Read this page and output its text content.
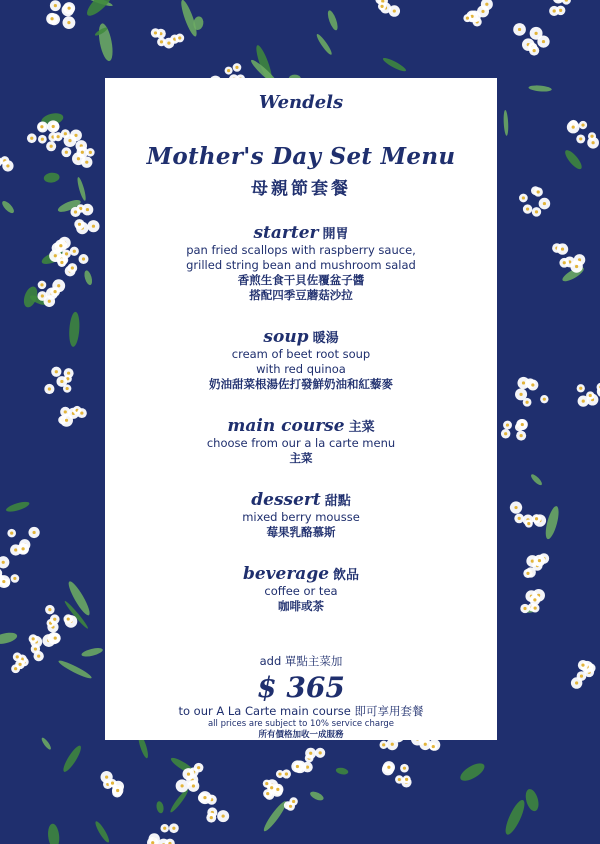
Wendels
Mother's Day Set Menu
母親節套餐
starter 開胃
pan fried scallops with raspberry sauce,
grilled string bean and mushroom salad
香煎生食干貝佐覆盆子醬
搭配四季豆蘑菇沙拉
soup 暖湯
cream of beet root soup
with red quinoa
奶油甜菜根湯佐打發鮮奶油和紅藜麥
main course 主菜
choose from our a la carte menu
主菜
dessert 甜點
mixed berry mousse
莓果乳酪慕斯
beverage 飲品
coffee or tea
咖啡或茶
add 單點主菜加
$ 365
to our A La Carte main course 即可享用套餐
all prices are subject to 10% service charge
所有價格加收一成服務
